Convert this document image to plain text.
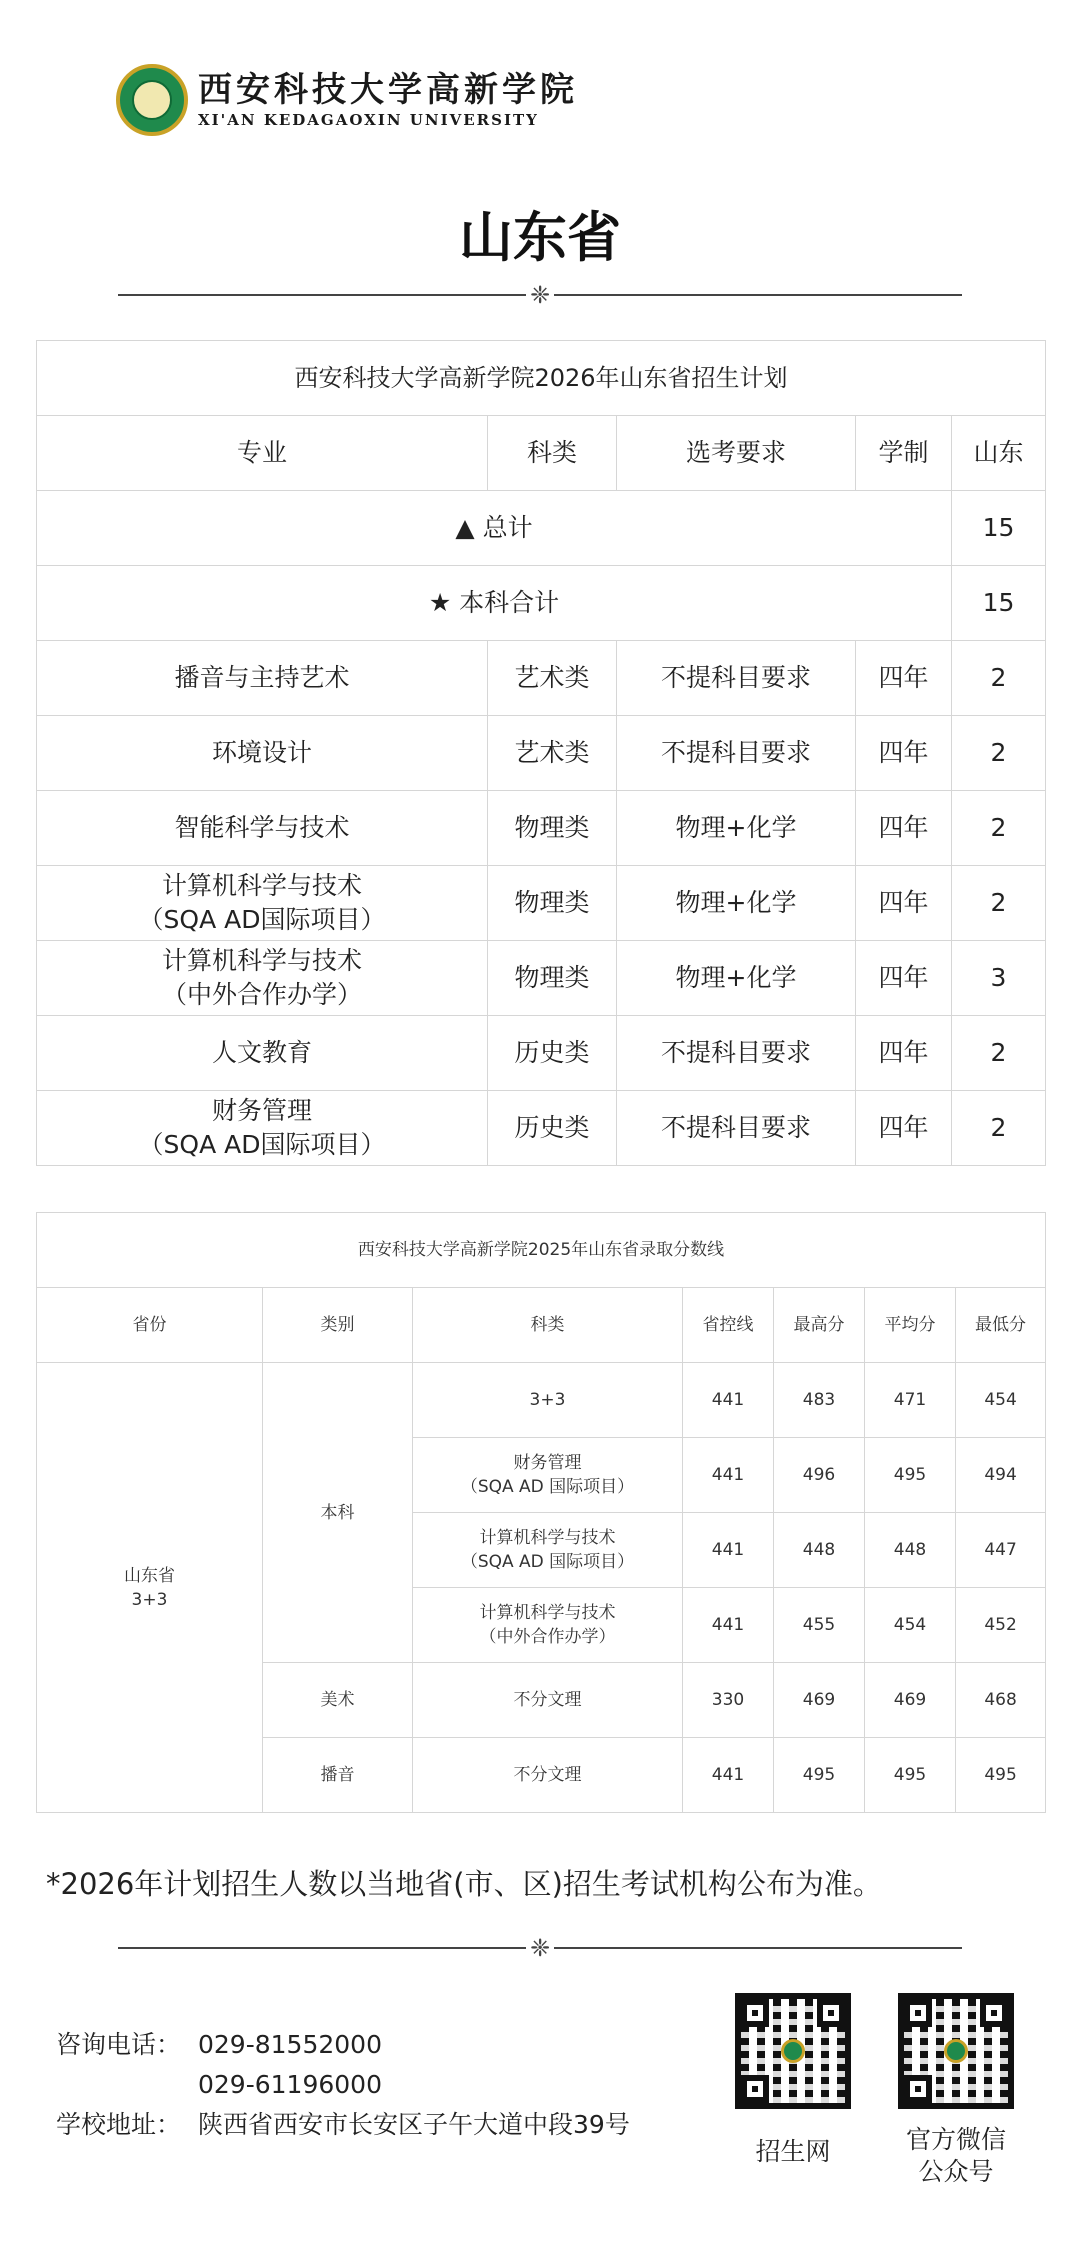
西安科技大学高新学院
XI'AN KEDAGAOXIN UNIVERSITY
山东省
❈
西安科技大学高新学院2026年山东省招生计划				
专业	科类	选考要求	学制	山东
▲ 总计				15
★ 本科合计				15

播音与主持艺术	艺术类	不提科目要求	四年	2

环境设计	艺术类	不提科目要求	四年	2

智能科学与技术	物理类	物理+化学	四年	2

计算机科学与技术
（SQA AD国际项目）	物理类	物理+化学	四年	2

计算机科学与技术
（中外合作办学）	物理类	物理+化学	四年	3

人文教育	历史类	不提科目要求	四年	2

财务管理
（SQA AD国际项目）	历史类	不提科目要求	四年	2
西安科技大学高新学院2025年山东省录取分数线						
省份	类别	科类	省控线	最高分	平均分	最低分

山东省
3+3	本科	3+3	441	483	471	454

		财务管理
（SQA AD 国际项目）	441	496	495	494

		计算机科学与技术
（SQA AD 国际项目）	441	448	448	447

		计算机科学与技术
（中外合作办学）	441	455	454	452
	美术	不分文理	330	469	469	468
	播音	不分文理	441	495	495	495
*2026年计划招生人数以当地省(市、区)招生考试机构公布为准。
❈
咨询电话： 029-81552000
029-61196000
学校地址： 陕西省西安市长安区子午大道中段39号
招生网	官方微信
公众号
